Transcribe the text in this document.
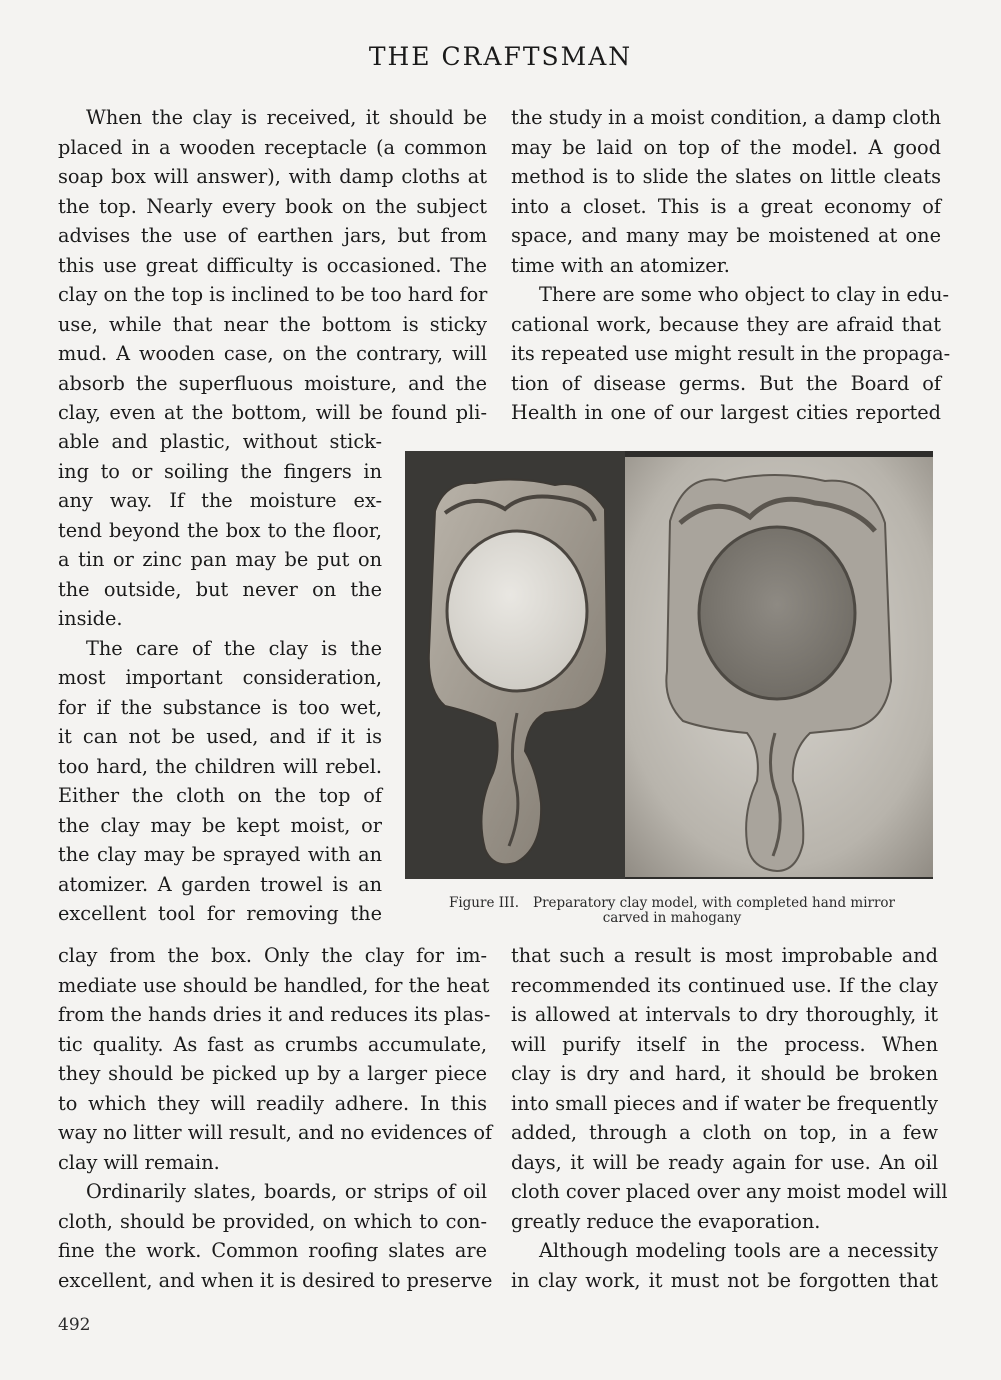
THE CRAFTSMAN
When the clay is received, it should be
placed in a wooden receptacle (a common
soap box will answer), with damp cloths at
the top. Nearly every book on the subject
advises the use of earthen jars, but from
this use great difficulty is occasioned. The
clay on the top is inclined to be too hard for
use, while that near the bottom is sticky
mud. A wooden case, on the contrary, will
absorb the superfluous moisture, and the
clay, even at the bottom, will be found pli-
able and plastic, without stick-
ing to or soiling the fingers in
any way. If the moisture ex-
tend beyond the box to the floor,
a tin or zinc pan may be put on
the outside, but never on the
inside.
The care of the clay is the
most important consideration,
for if the substance is too wet,
it can not be used, and if it is
too hard, the children will rebel.
Either the cloth on the top of
the clay may be kept moist, or
the clay may be sprayed with an
atomizer. A garden trowel is an
excellent tool for removing the
clay from the box. Only the clay for im-
mediate use should be handled, for the heat
from the hands dries it and reduces its plas-
tic quality. As fast as crumbs accumulate,
they should be picked up by a larger piece
to which they will readily adhere. In this
way no litter will result, and no evidences of
clay will remain.
Ordinarily slates, boards, or strips of oil
cloth, should be provided, on which to con-
fine the work. Common roofing slates are
excellent, and when it is desired to preserve
the study in a moist condition, a damp cloth
may be laid on top of the model. A good
method is to slide the slates on little cleats
into a closet. This is a great economy of
space, and many may be moistened at one
time with an atomizer.
There are some who object to clay in edu-
cational work, because they are afraid that
its repeated use might result in the propaga-
tion of disease germs. But the Board of
Health in one of our largest cities reported
Figure III. Preparatory clay model, with completed hand mirror
carved in mahogany
that such a result is most improbable and
recommended its continued use. If the clay
is allowed at intervals to dry thoroughly, it
will purify itself in the process. When
clay is dry and hard, it should be broken
into small pieces and if water be frequently
added, through a cloth on top, in a few
days, it will be ready again for use. An oil
cloth cover placed over any moist model will
greatly reduce the evaporation.
Although modeling tools are a necessity
in clay work, it must not be forgotten that
492
